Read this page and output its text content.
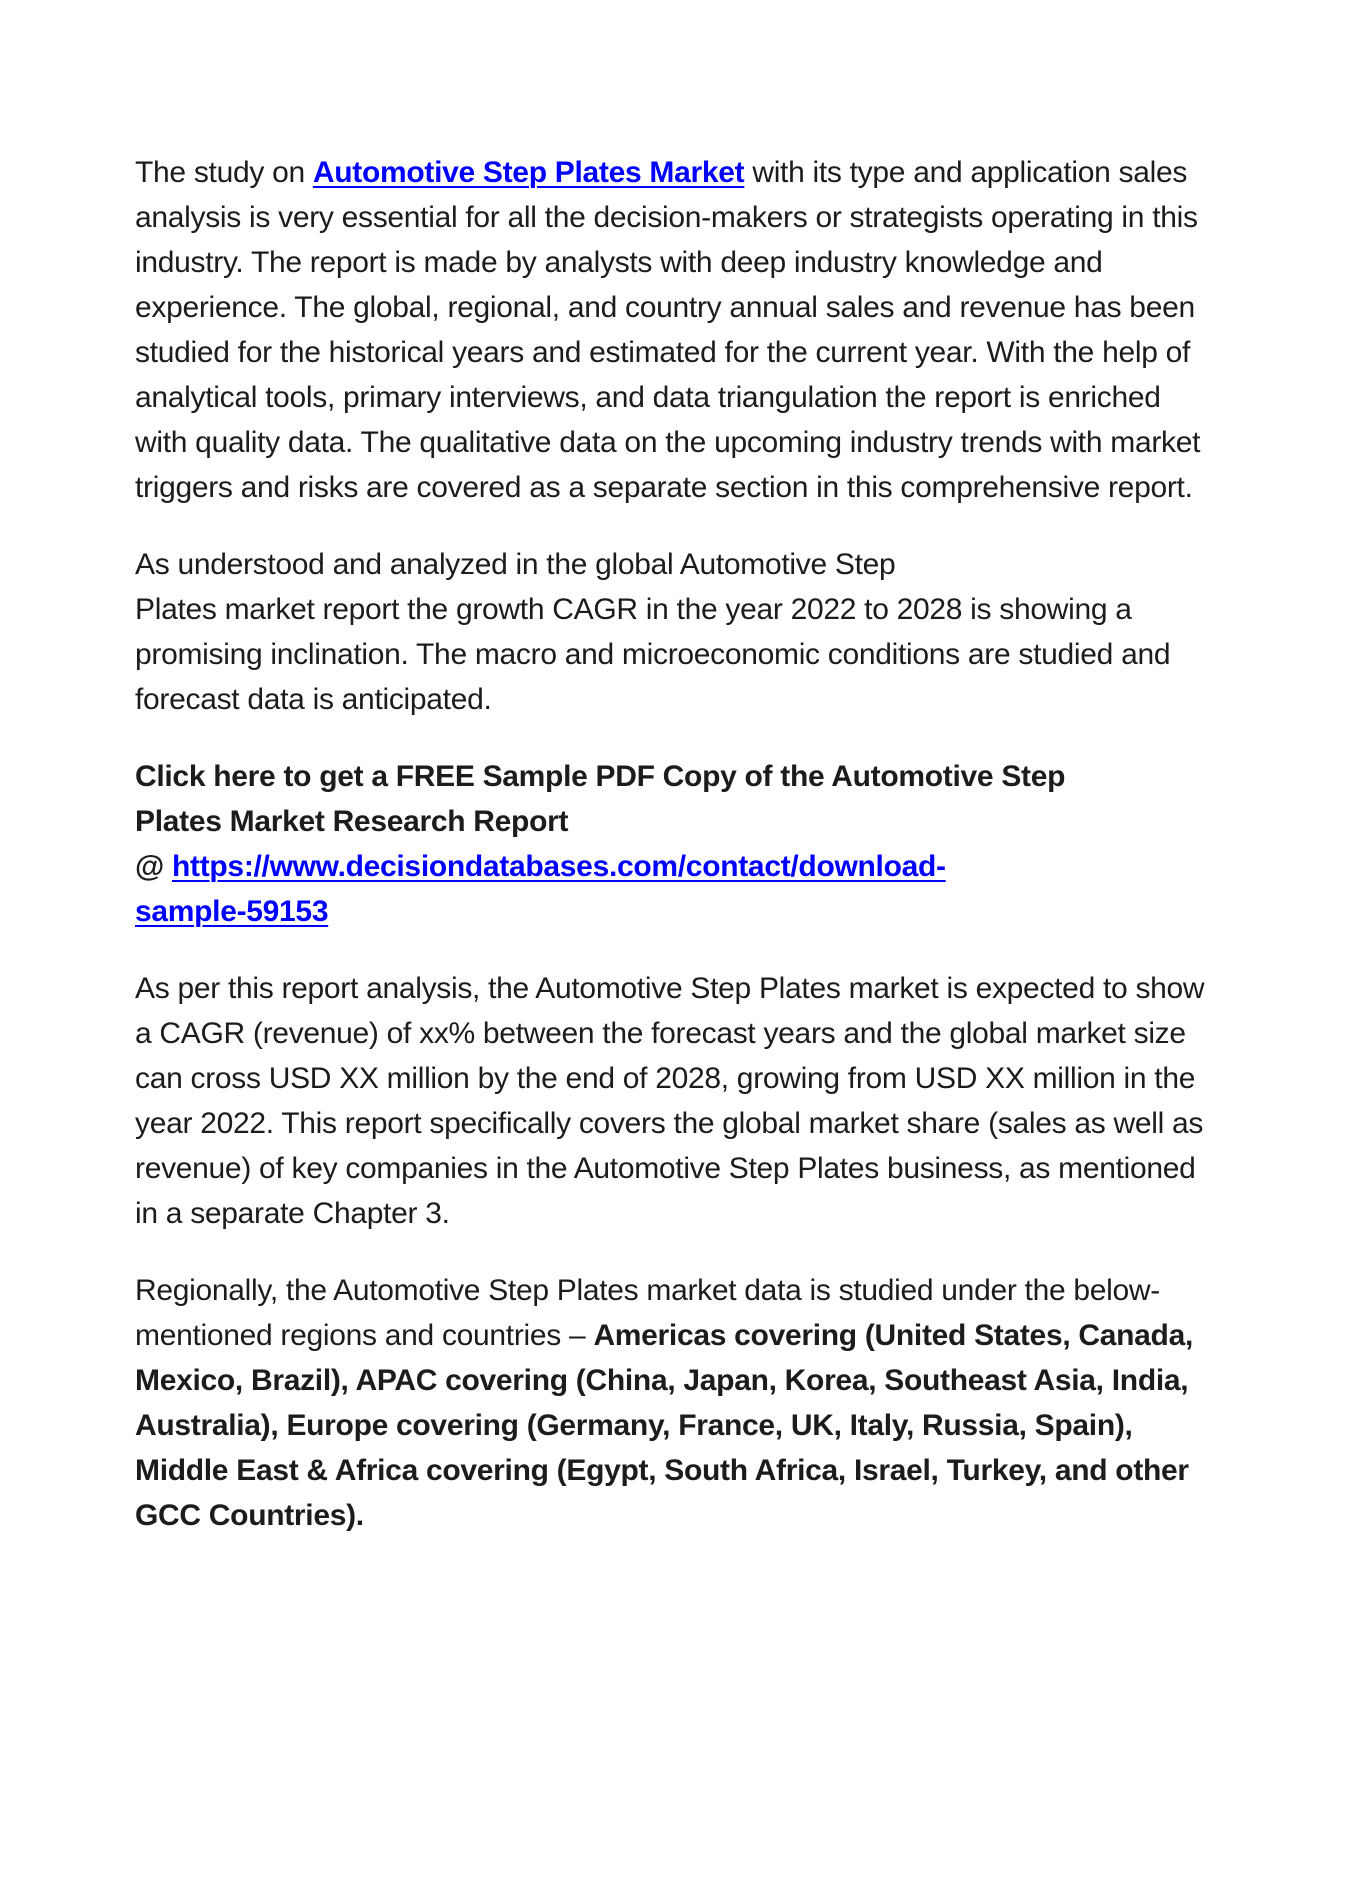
The study on Automotive Step Plates Market with its type and application sales analysis is very essential for all the decision-makers or strategists operating in this industry. The report is made by analysts with deep industry knowledge and experience. The global, regional, and country annual sales and revenue has been studied for the historical years and estimated for the current year. With the help of analytical tools, primary interviews, and data triangulation the report is enriched with quality data. The qualitative data on the upcoming industry trends with market triggers and risks are covered as a separate section in this comprehensive report.

As understood and analyzed in the global Automotive Step
Plates market report the growth CAGR in the year 2022 to 2028 is showing a promising inclination. The macro and microeconomic conditions are studied and forecast data is anticipated.

Click here to get a FREE Sample PDF Copy of the Automotive Step
Plates Market Research Report
@ https://www.decisiondatabases.com/contact/download-
sample-59153

As per this report analysis, the Automotive Step Plates market is expected to show a CAGR (revenue) of xx% between the forecast years and the global market size can cross USD XX million by the end of 2028, growing from USD XX million in the year 2022. This report specifically covers the global market share (sales as well as revenue) of key companies in the Automotive Step Plates business, as mentioned in a separate Chapter 3.

Regionally, the Automotive Step Plates market data is studied under the below-mentioned regions and countries – Americas covering (United States, Canada, Mexico, Brazil), APAC covering (China, Japan, Korea, Southeast Asia, India, Australia), Europe covering (Germany, France, UK, Italy, Russia, Spain), Middle East & Africa covering (Egypt, South Africa, Israel, Turkey, and other GCC Countries).
